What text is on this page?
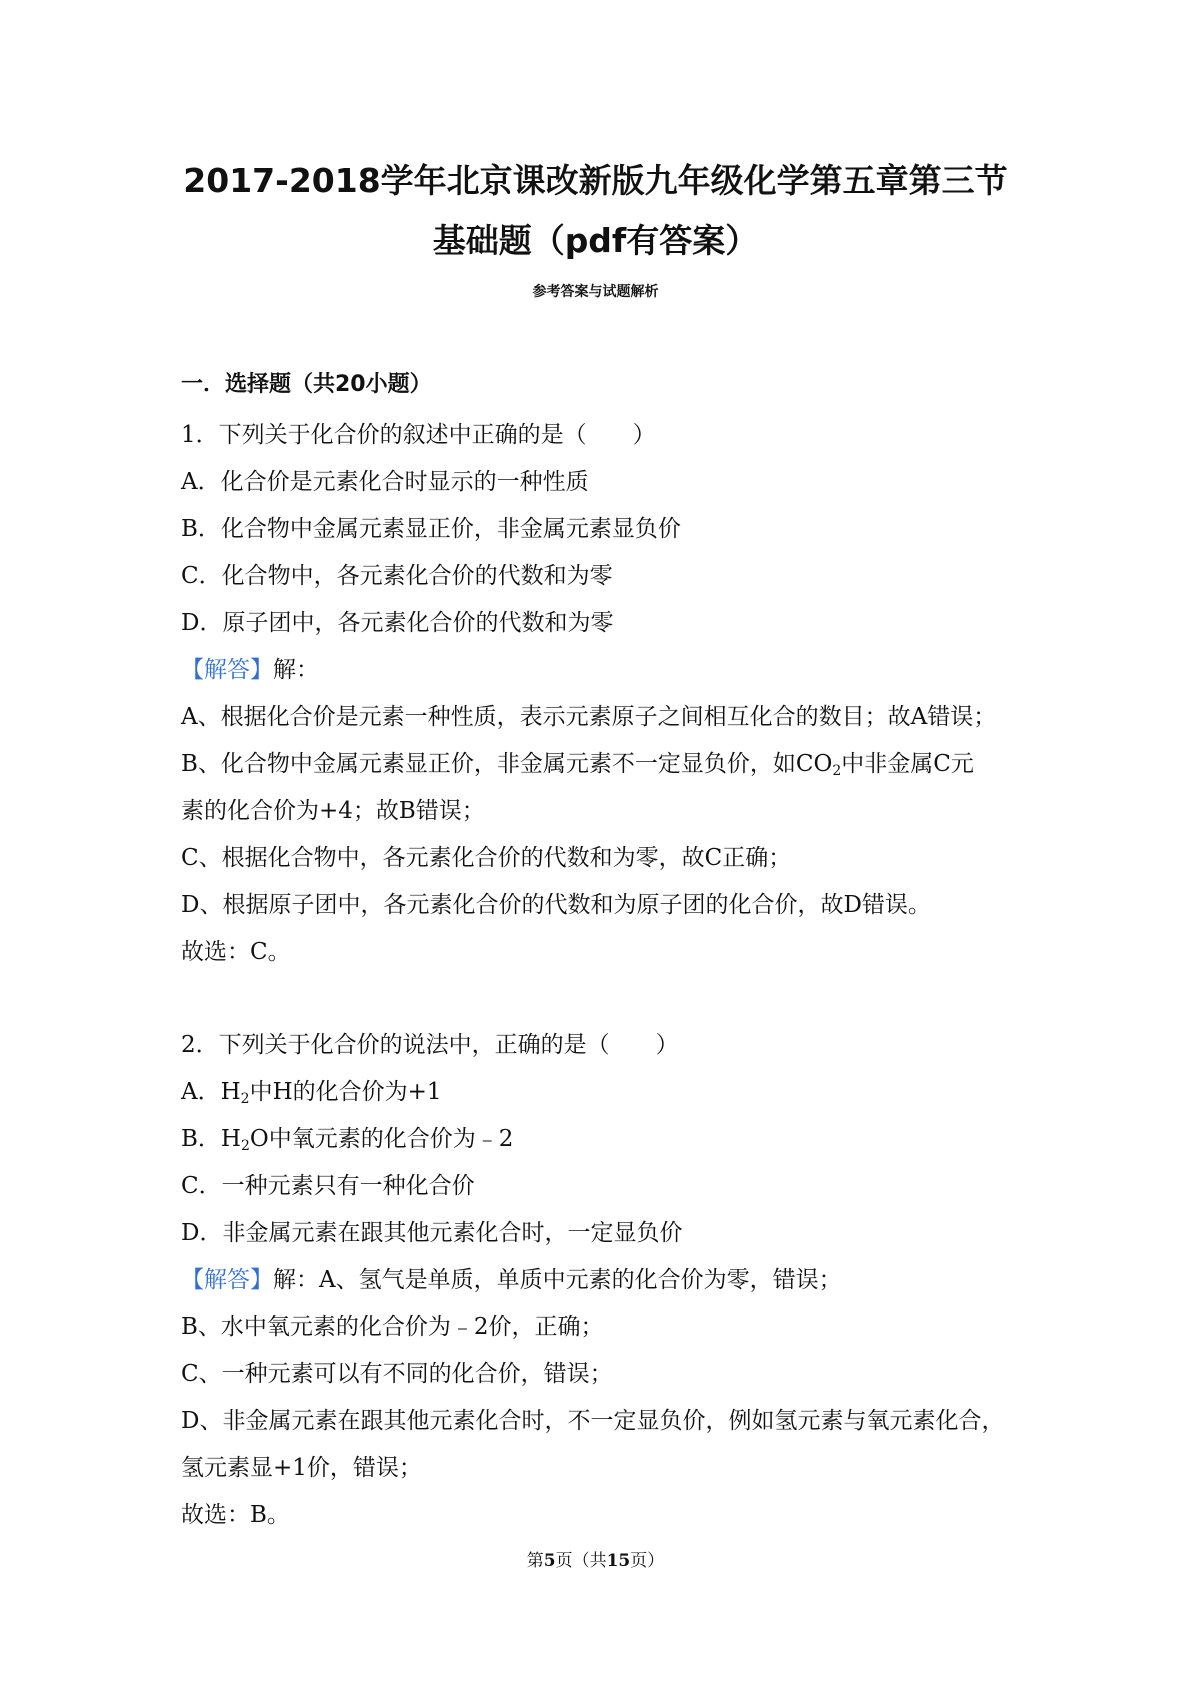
2017-2018学年北京课改新版九年级化学第五章第三节
基础题（pdf有答案）
参考答案与试题解析
一．选择题（共20小题）
1．下列关于化合价的叙述中正确的是（　　）
A．化合价是元素化合时显示的一种性质
B．化合物中金属元素显正价，非金属元素显负价
C．化合物中，各元素化合价的代数和为零
D．原子团中，各元素化合价的代数和为零
【解答】解：
A、根据化合价是元素一种性质，表示元素原子之间相互化合的数目；故A错误；
B、化合物中金属元素显正价，非金属元素不一定显负价，如$CO_2$中非金属C元
素的化合价为+4；故B错误；
C、根据化合物中，各元素化合价的代数和为零，故C正确；
D、根据原子团中，各元素化合价的代数和为原子团的化合价，故D错误。
故选：C。
2．下列关于化合价的说法中，正确的是（　　）
A．$H_2$中H的化合价为+1
B．$H_2O$中氧元素的化合价为﹣2
C．一种元素只有一种化合价
D．非金属元素在跟其他元素化合时，一定显负价
【解答】解：A、氢气是单质，单质中元素的化合价为零，错误；
B、水中氧元素的化合价为﹣2价，正确；
C、一种元素可以有不同的化合价，错误；
D、非金属元素在跟其他元素化合时，不一定显负价，例如氢元素与氧元素化合，
氢元素显+1价，错误；
故选：B。
第5页（共15页）
